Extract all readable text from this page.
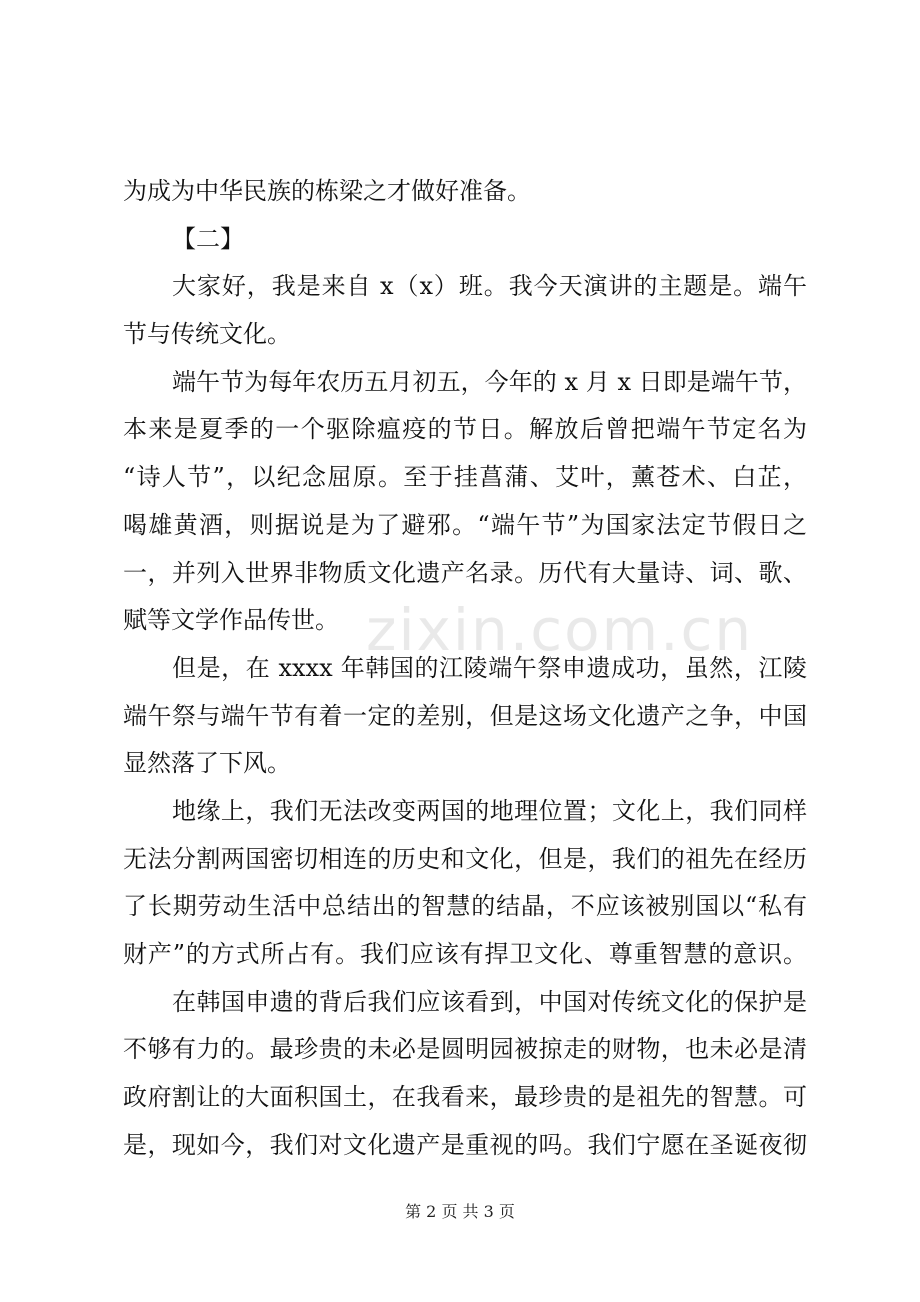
zixin.com.cn
为成为中华民族的栋梁之才做好准备。
【二】
大家好，我是来自 x（x）班。我今天演讲的主题是。端午
节与传统文化。
端午节为每年农历五月初五，今年的 x 月 x 日即是端午节，
本来是夏季的一个驱除瘟疫的节日。解放后曾把端午节定名为
“诗人节”，以纪念屈原。至于挂菖蒲、艾叶，薰苍术、白芷，
喝雄黄酒，则据说是为了避邪。“端午节”为国家法定节假日之
一，并列入世界非物质文化遗产名录。历代有大量诗、词、歌、
赋等文学作品传世。
但是，在 xxxx 年韩国的江陵端午祭申遗成功，虽然，江陵
端午祭与端午节有着一定的差别，但是这场文化遗产之争，中国
显然落了下风。
地缘上，我们无法改变两国的地理位置；文化上，我们同样
无法分割两国密切相连的历史和文化，但是，我们的祖先在经历
了长期劳动生活中总结出的智慧的结晶，不应该被别国以“私有
财产”的方式所占有。我们应该有捍卫文化、尊重智慧的意识。
在韩国申遗的背后我们应该看到，中国对传统文化的保护是
不够有力的。最珍贵的未必是圆明园被掠走的财物，也未必是清
政府割让的大面积国土，在我看来，最珍贵的是祖先的智慧。可
是，现如今，我们对文化遗产是重视的吗。我们宁愿在圣诞夜彻
第 2 页 共 3 页
